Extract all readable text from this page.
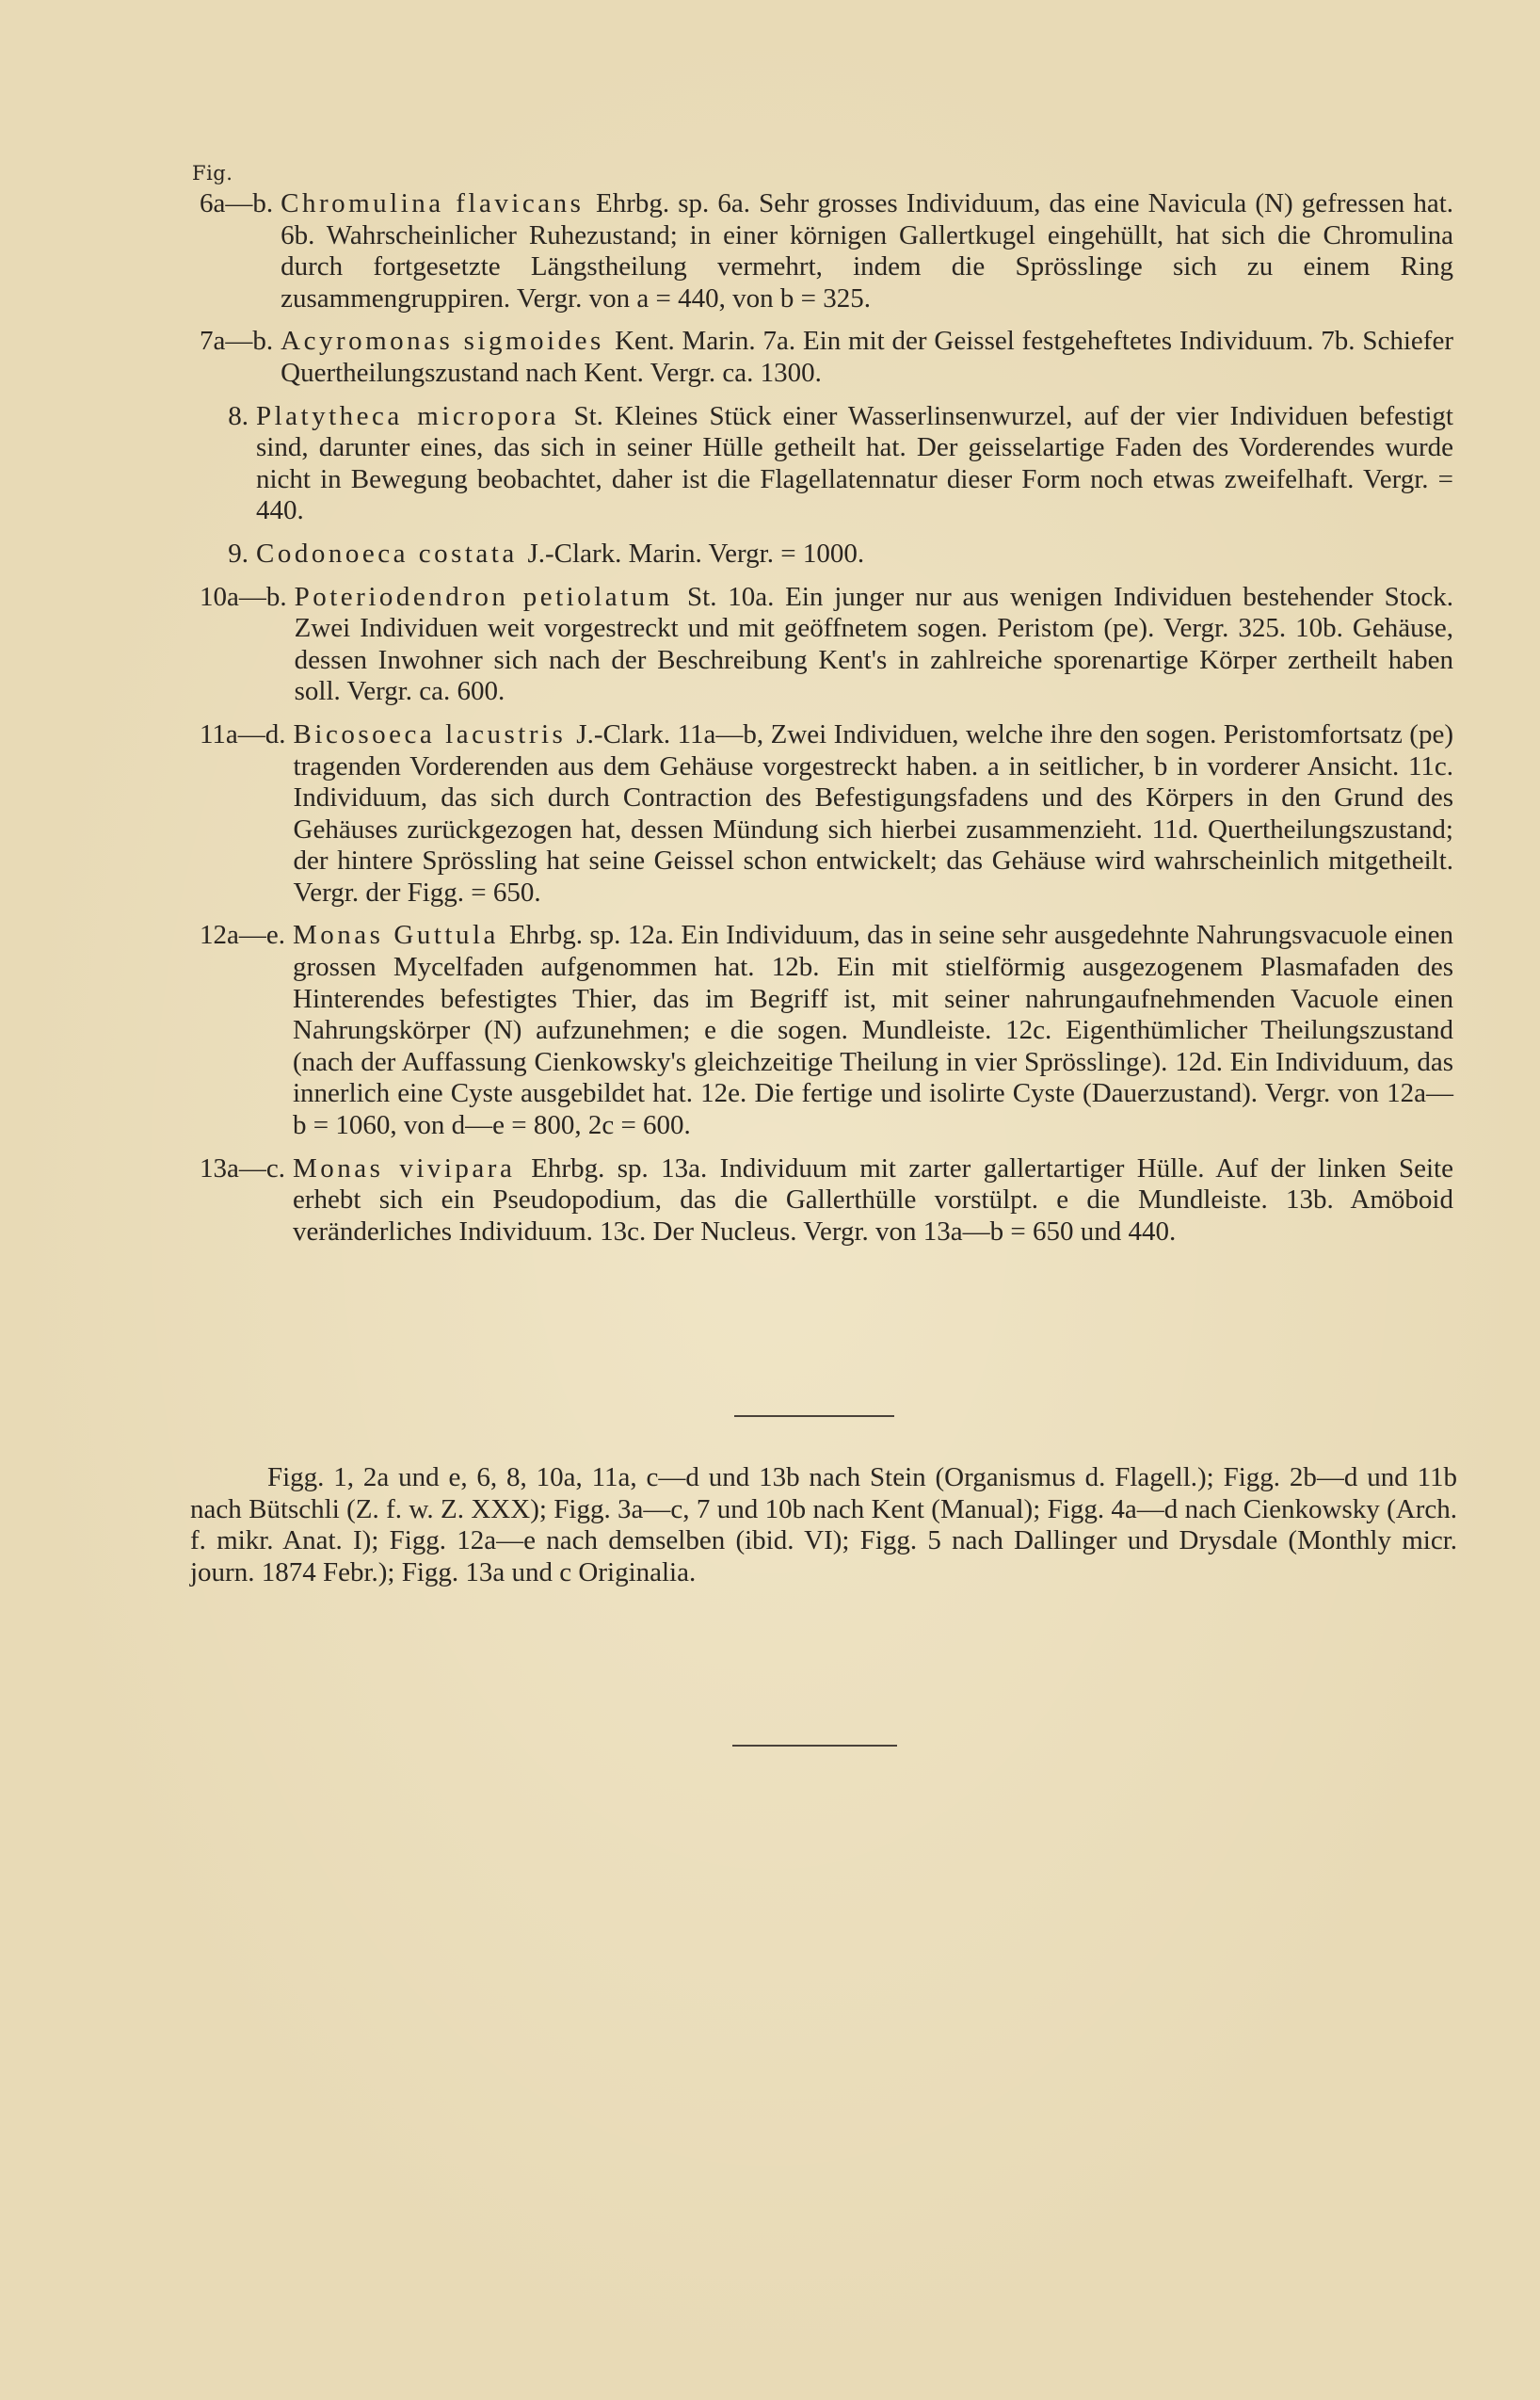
Fig.
6a—b. Chromulina flavicans Ehrbg. sp. 6a. Sehr grosses Individuum, das eine Navicula (N) gefressen hat. 6b. Wahrscheinlicher Ruhezustand; in einer körnigen Gallertkugel eingehüllt, hat sich die Chromulina durch fortgesetzte Längstheilung vermehrt, indem die Sprösslinge sich zu einem Ring zusammengruppiren. Vergr. von a = 440, von b = 325.
7a—b. Acyromonas sigmoides Kent. Marin. 7a. Ein mit der Geissel festgeheftetes Individuum. 7b. Schiefer Quertheilungszustand nach Kent. Vergr. ca. 1300.
8. Platytheca micropora St. Kleines Stück einer Wasserlinsenwurzel, auf der vier Individuen befestigt sind, darunter eines, das sich in seiner Hülle getheilt hat. Der geisselartige Faden des Vorderendes wurde nicht in Bewegung beobachtet, daher ist die Flagellatennatur dieser Form noch etwas zweifelhaft. Vergr. = 440.
9. Codonoeca costata J.-Clark. Marin. Vergr. = 1000.
10a—b. Poteriodendron petiolatum St. 10a. Ein junger nur aus wenigen Individuen bestehender Stock. Zwei Individuen weit vorgestreckt und mit geöffnetem sogen. Peristom (pe). Vergr. 325. 10b. Gehäuse, dessen Inwohner sich nach der Beschreibung Kent's in zahlreiche sporenartige Körper zertheilt haben soll. Vergr. ca. 600.
11a—d. Bicosoeca lacustris J.-Clark. 11a—b, Zwei Individuen, welche ihre den sogen. Peristomfortsatz (pe) tragenden Vorderenden aus dem Gehäuse vorgestreckt haben. a in seitlicher, b in vorderer Ansicht. 11c. Individuum, das sich durch Contraction des Befestigungsfadens und des Körpers in den Grund des Gehäuses zurückgezogen hat, dessen Mündung sich hierbei zusammenzieht. 11d. Quertheilungszustand; der hintere Sprössling hat seine Geissel schon entwickelt; das Gehäuse wird wahrscheinlich mitgetheilt. Vergr. der Figg. = 650.
12a—e. Monas Guttula Ehrbg. sp. 12a. Ein Individuum, das in seine sehr ausgedehnte Nahrungsvacuole einen grossen Mycelfaden aufgenommen hat. 12b. Ein mit stielförmig ausgezogenem Plasmafaden des Hinterendes befestigtes Thier, das im Begriff ist, mit seiner nahrungaufnehmenden Vacuole einen Nahrungskörper (N) aufzunehmen; e die sogen. Mundleiste. 12c. Eigenthümlicher Theilungszustand (nach der Auffassung Cienkowsky's gleichzeitige Theilung in vier Sprösslinge). 12d. Ein Individuum, das innerlich eine Cyste ausgebildet hat. 12e. Die fertige und isolirte Cyste (Dauerzustand). Vergr. von 12a—b = 1060, von d—e = 800, 2c = 600.
13a—c. Monas vivipara Ehrbg. sp. 13a. Individuum mit zarter gallertartiger Hülle. Auf der linken Seite erhebt sich ein Pseudopodium, das die Gallerthülle vorstülpt. e die Mundleiste. 13b. Amöboid veränderliches Individuum. 13c. Der Nucleus. Vergr. von 13a—b = 650 und 440.
Figg. 1, 2a und e, 6, 8, 10a, 11a, c—d und 13b nach Stein (Organismus d. Flagell.); Figg. 2b—d und 11b nach Bütschli (Z. f. w. Z. XXX); Figg. 3a—c, 7 und 10b nach Kent (Manual); Figg. 4a—d nach Cienkowsky (Arch. f. mikr. Anat. I); Figg. 12a—e nach demselben (ibid. VI); Figg. 5 nach Dallinger und Drysdale (Monthly micr. journ. 1874 Febr.); Figg. 13a und c Originalia.
